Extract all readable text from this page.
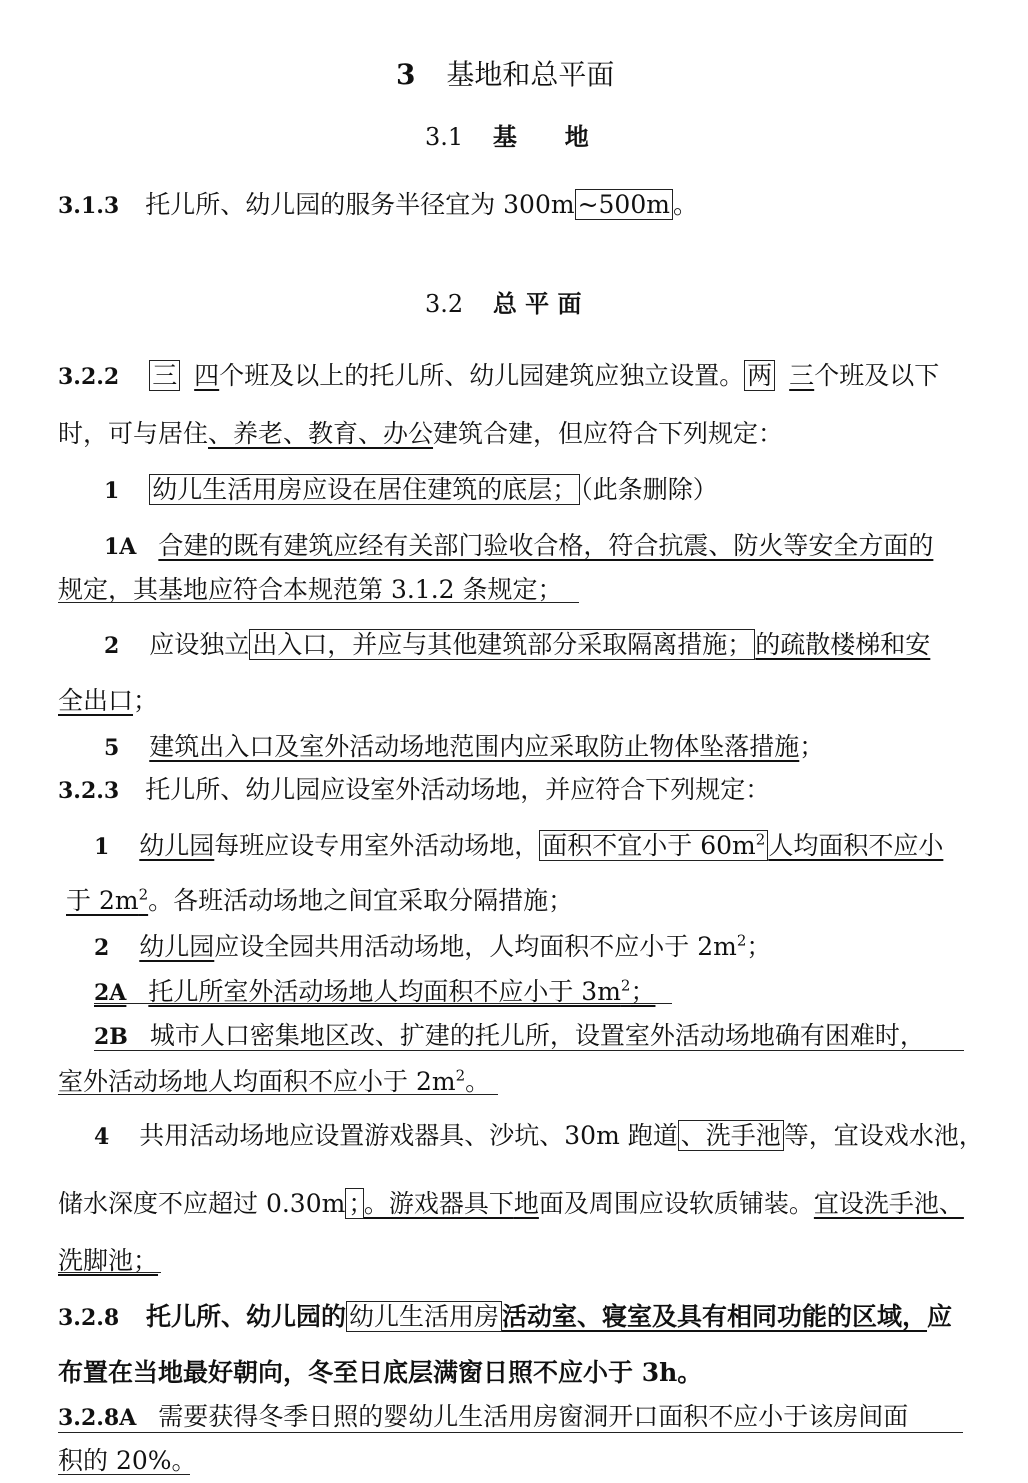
3 基地和总平面
3.1 基　　地
3.1.3 托儿所、幼儿园的服务半径宜为 300m ~500m 。
3.2 总 平 面
3.2.2 三 四个班及以上的托儿所、幼儿园建筑应独立设置。 两 三个班及以下
时，可与居住、养老、教育、办公建筑合建，但应符合下列规定：
1 幼儿生活用房应设在居住建筑的底层； （此条删除）
1A 合建的既有建筑应经有关部门验收合格，符合抗震、防火等安全方面的
规定，其基地应符合本规范第 3.1.2 条规定；
2 应设独立 出入口，并应与其他建筑部分采取隔离措施； 的疏散楼梯和安
全出口；
5 建筑出入口及室外活动场地范围内应采取防止物体坠落措施；
3.2.3 托儿所、幼儿园应设室外活动场地，并应符合下列规定：
1 幼儿园每班应设专用室外活动场地， 面积不宜小于 $60m^2$ 人均面积不应小
于 $2m^2$。各班活动场地之间宜采取分隔措施；
2 幼儿园应设全园共用活动场地，人均面积不应小于 $2m^2$；
2A 托儿所室外活动场地人均面积不应小于 $3m^2$；
2B 城市人口密集地区改、扩建的托儿所，设置室外活动场地确有困难时，
室外活动场地人均面积不应小于 $2m^2$。
4 共用活动场地应设置游戏器具、沙坑、30m 跑道 、洗手池 等，宜设戏水池，
储水深度不应超过 0.30m ； 。游戏器具下地面及周围应设软质铺装。宜设洗手池、
洗脚池；
3.2.8 托儿所、幼儿园的 幼儿生活用房 活动室、寝室及具有相同功能的区域，应
布置在当地最好朝向，冬至日底层满窗日照不应小于 3h。
3.2.8A 需要获得冬季日照的婴幼儿生活用房窗洞开口面积不应小于该房间面
积的 20%。
